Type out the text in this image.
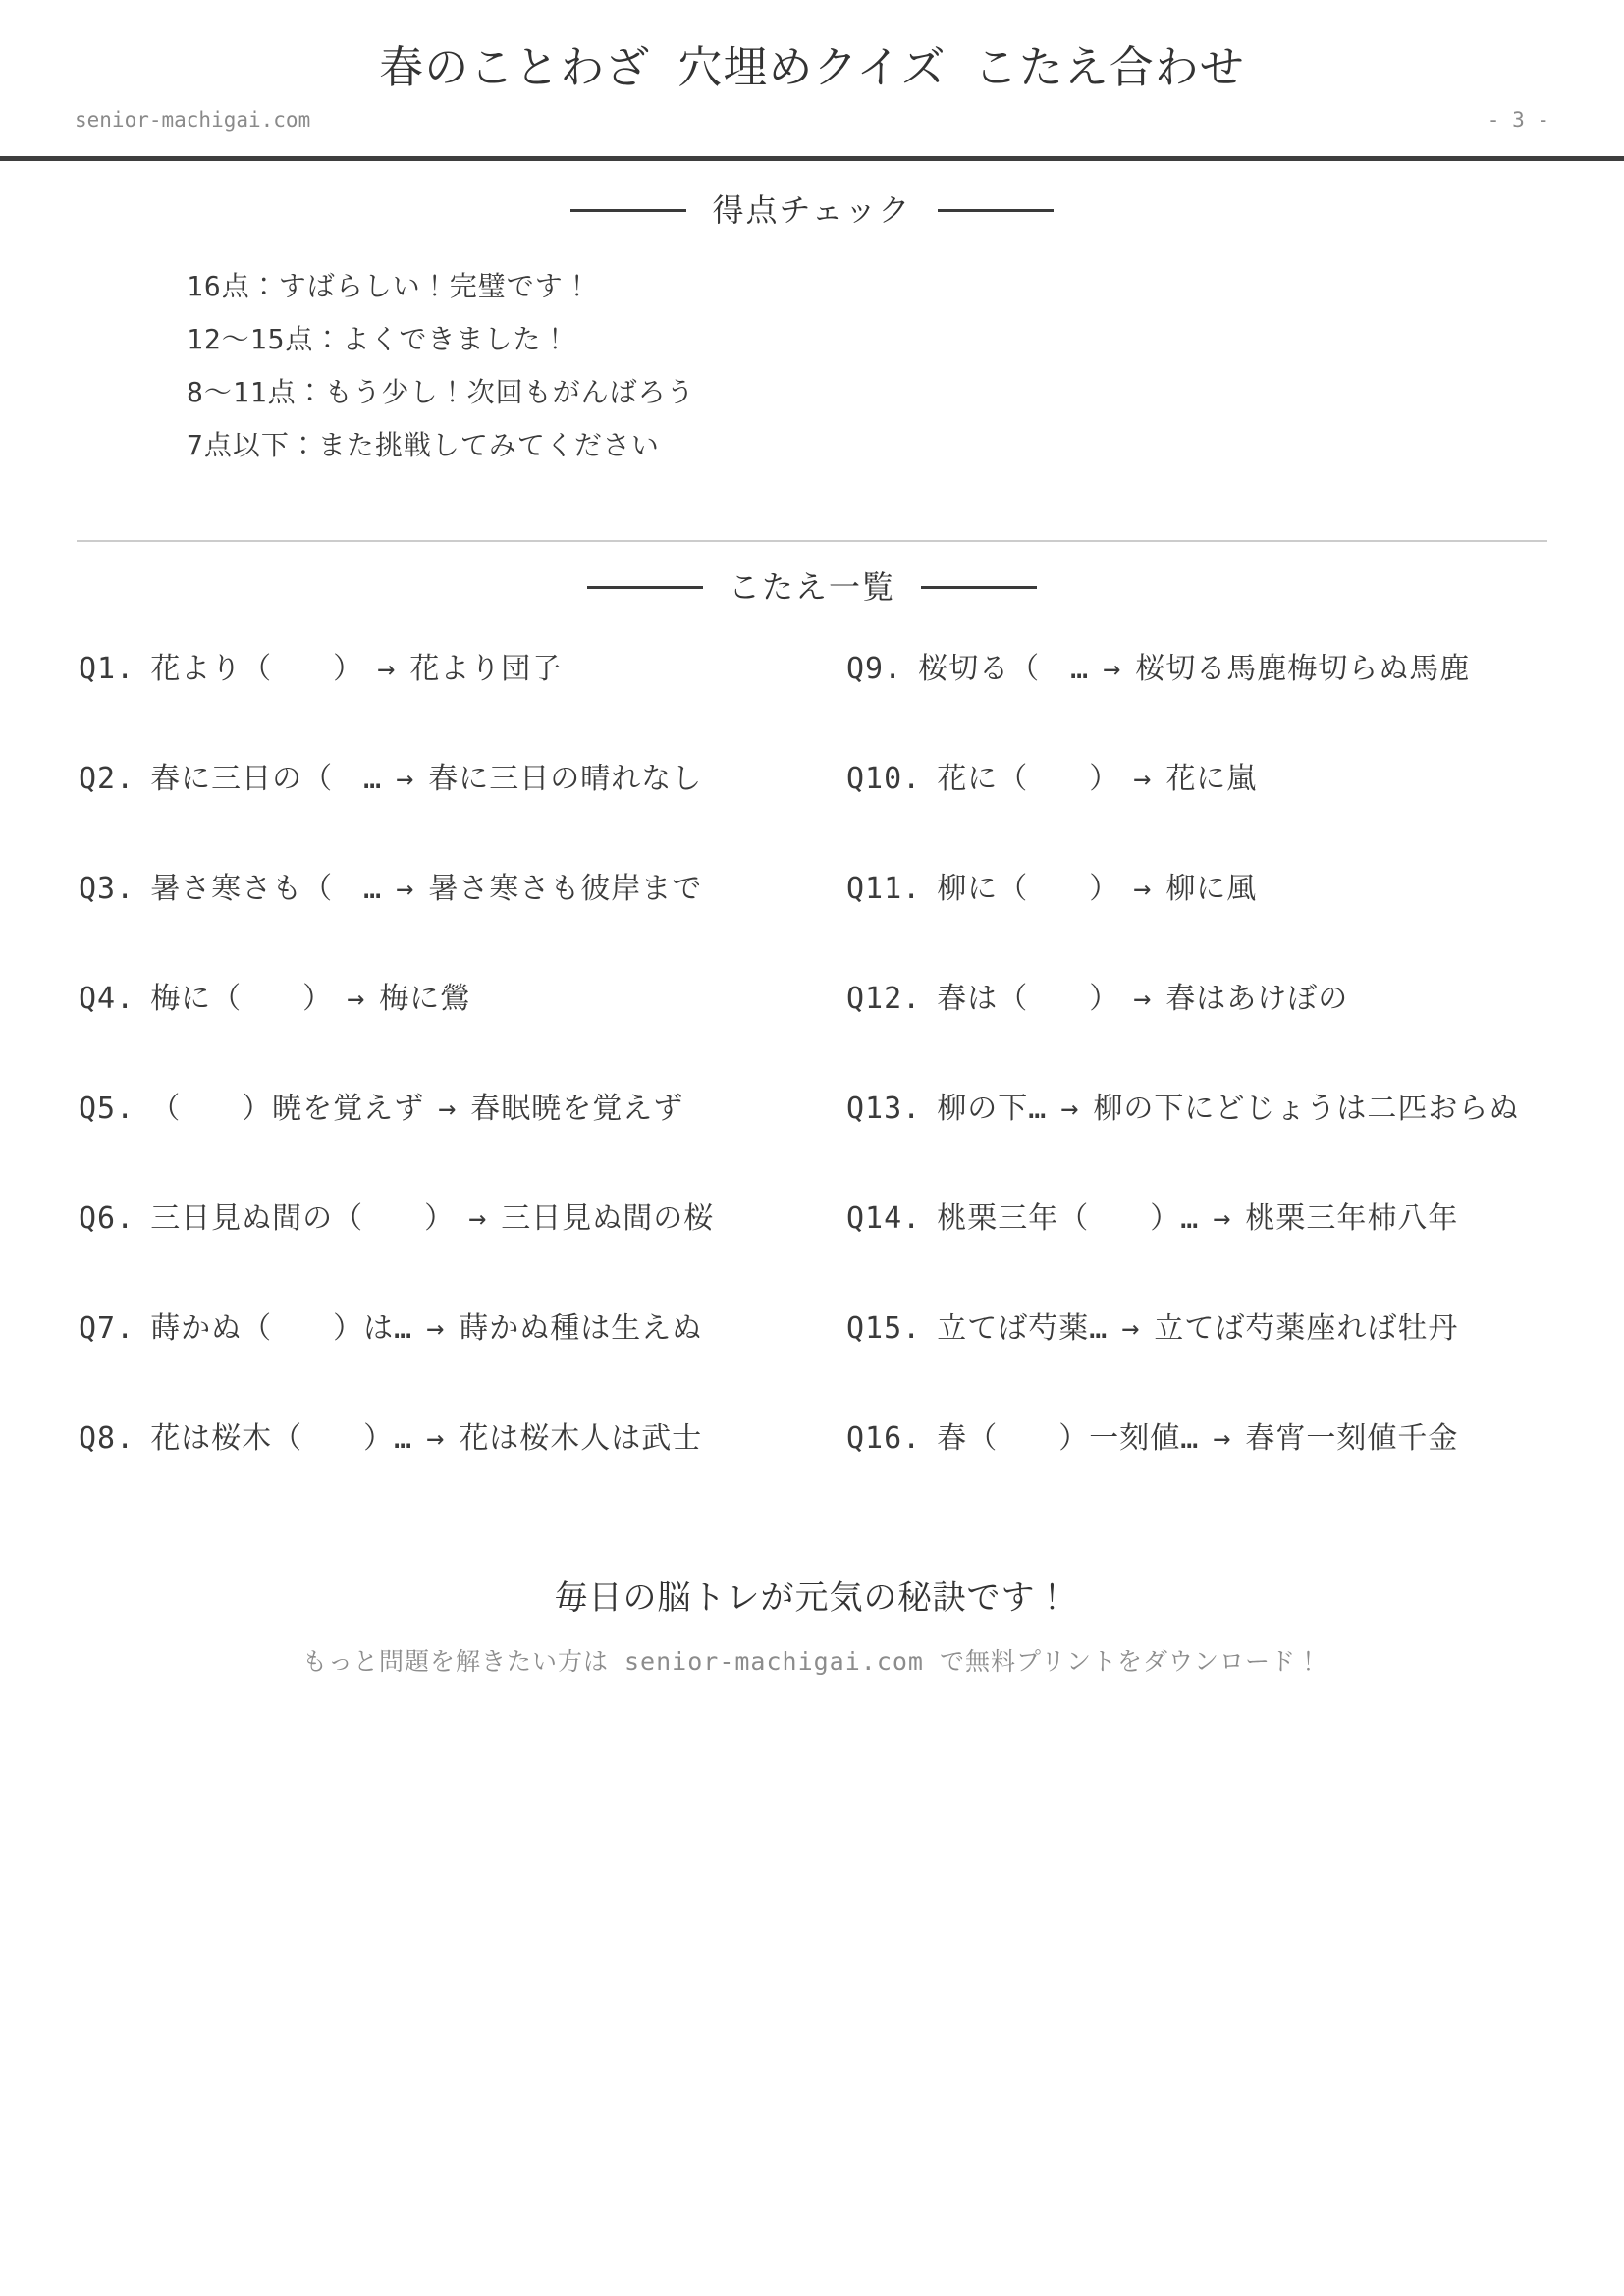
春のことわざ 穴埋めクイズ こたえ合わせ
senior-machigai.com	- 3 -
得点チェック
16点：すばらしい！完璧です！
12〜15点：よくできました！
8〜11点：もう少し！次回もがんばろう
7点以下：また挑戦してみてください
こたえ一覧
Q1. 花より（　　） → 花より団子
Q2. 春に三日の（　… → 春に三日の晴れなし
Q3. 暑さ寒さも（　… → 暑さ寒さも彼岸まで
Q4. 梅に（　　） → 梅に鶯
Q5. （　　）暁を覚えず → 春眠暁を覚えず
Q6. 三日見ぬ間の（　　） → 三日見ぬ間の桜
Q7. 蒔かぬ（　　）は… → 蒔かぬ種は生えぬ
Q8. 花は桜木（　　）… → 花は桜木人は武士
Q9. 桜切る（　… → 桜切る馬鹿梅切らぬ馬鹿
Q10. 花に（　　） → 花に嵐
Q11. 柳に（　　） → 柳に風
Q12. 春は（　　） → 春はあけぼの
Q13. 柳の下… → 柳の下にどじょうは二匹おらぬ
Q14. 桃栗三年（　　）… → 桃栗三年柿八年
Q15. 立てば芍薬… → 立てば芍薬座れば牡丹
Q16. 春（　　）一刻値… → 春宵一刻値千金
毎日の脳トレが元気の秘訣です！
もっと問題を解きたい方は senior-machigai.com で無料プリントをダウンロード！
